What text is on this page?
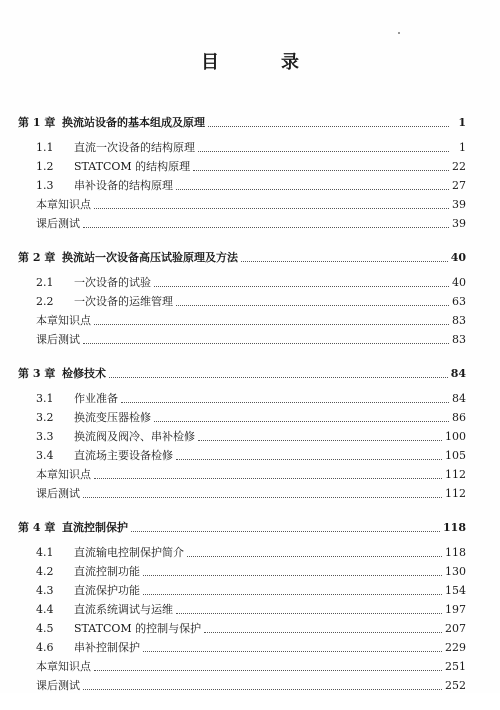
目　录
第 1 章 换流站设备的基本组成及原理	1
1.1	直流一次设备的结构原理	1
1.2	STATCOM 的结构原理	22
1.3	串补设备的结构原理	27
本章知识点	39
课后测试	39
第 2 章 换流站一次设备高压试验原理及方法	40
2.1	一次设备的试验	40
2.2	一次设备的运维管理	63
本章知识点	83
课后测试	83
第 3 章 检修技术	84
3.1	作业准备	84
3.2	换流变压器检修	86
3.3	换流阀及阀冷、串补检修	100
3.4	直流场主要设备检修	105
本章知识点	112
课后测试	112
第 4 章 直流控制保护	118
4.1	直流输电控制保护简介	118
4.2	直流控制功能	130
4.3	直流保护功能	154
4.4	直流系统调试与运维	197
4.5	STATCOM 的控制与保护	207
4.6	串补控制保护	229
本章知识点	251
课后测试	252
